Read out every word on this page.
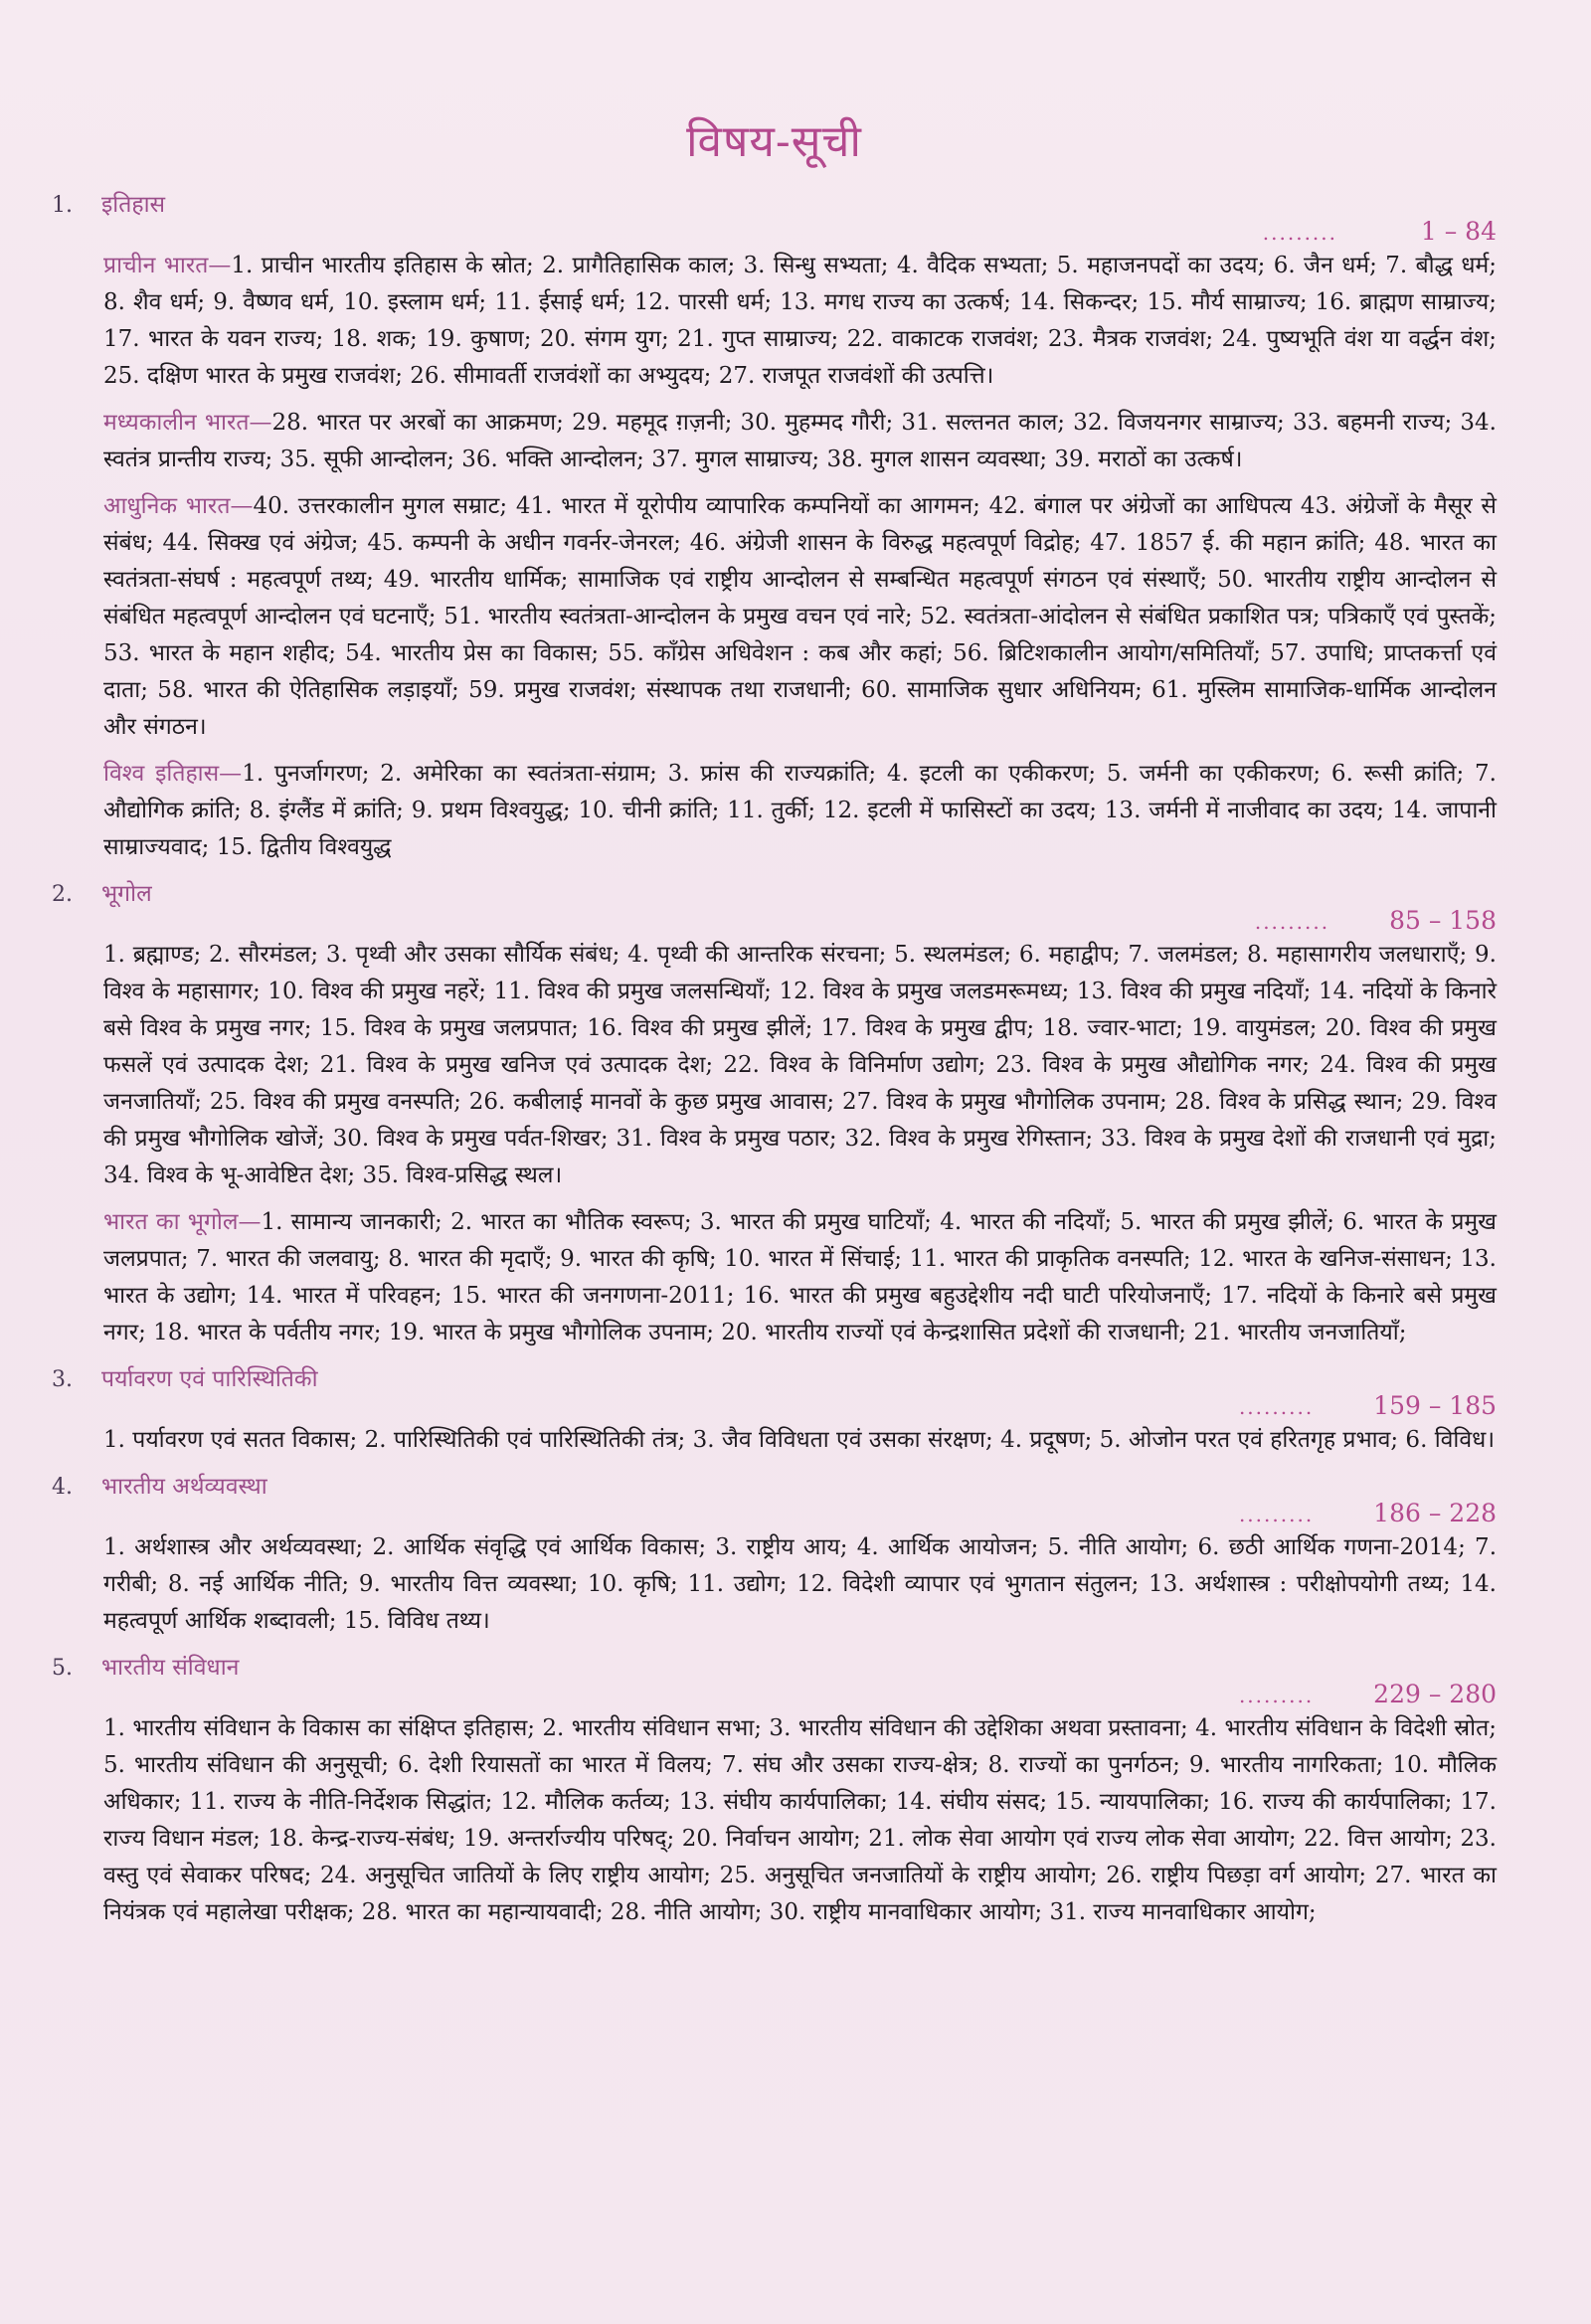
विषय-सूची
1.	इतिहास
.........	1 – 84

प्राचीन भारत—1. प्राचीन भारतीय इतिहास के स्रोत; 2. प्रागैतिहासिक काल; 3. सिन्धु सभ्यता; 4. वैदिक सभ्यता; 5. महाजनपदों का उदय; 6. जैन धर्म; 7. बौद्ध धर्म; 8. शैव धर्म; 9. वैष्णव धर्म, 10. इस्लाम धर्म; 11. ईसाई धर्म; 12. पारसी धर्म; 13. मगध राज्य का उत्कर्ष; 14. सिकन्दर; 15. मौर्य साम्राज्य; 16. ब्राह्मण साम्राज्य; 17. भारत के यवन राज्य; 18. शक; 19. कुषाण; 20. संगम युग; 21. गुप्त साम्राज्य; 22. वाकाटक राजवंश; 23. मैत्रक राजवंश; 24. पुष्यभूति वंश या वर्द्धन वंश; 25. दक्षिण भारत के प्रमुख राजवंश; 26. सीमावर्ती राजवंशों का अभ्युदय; 27. राजपूत राजवंशों की उत्पत्ति।

मध्यकालीन भारत—28. भारत पर अरबों का आक्रमण; 29. महमूद ग़ज़नी; 30. मुहम्मद गौरी; 31. सल्तनत काल; 32. विजयनगर साम्राज्य; 33. बहमनी राज्य; 34. स्वतंत्र प्रान्तीय राज्य; 35. सूफी आन्दोलन; 36. भक्ति आन्दोलन; 37. मुगल साम्राज्य; 38. मुगल शासन व्यवस्था; 39. मराठों का उत्कर्ष।

आधुनिक भारत—40. उत्तरकालीन मुगल सम्राट; 41. भारत में यूरोपीय व्यापारिक कम्पनियों का आगमन; 42. बंगाल पर अंग्रेजों का आधिपत्य 43. अंग्रेजों के मैसूर से संबंध; 44. सिक्ख एवं अंग्रेज; 45. कम्पनी के अधीन गवर्नर-जेनरल; 46. अंग्रेजी शासन के विरुद्ध महत्वपूर्ण विद्रोह; 47. 1857 ई. की महान क्रांति; 48. भारत का स्वतंत्रता-संघर्ष : महत्वपूर्ण तथ्य; 49. भारतीय धार्मिक; सामाजिक एवं राष्ट्रीय आन्दोलन से सम्बन्धित महत्वपूर्ण संगठन एवं संस्थाएँ; 50. भारतीय राष्ट्रीय आन्दोलन से संबंधित महत्वपूर्ण आन्दोलन एवं घटनाएँ; 51. भारतीय स्वतंत्रता-आन्दोलन के प्रमुख वचन एवं नारे; 52. स्वतंत्रता-आंदोलन से संबंधित प्रकाशित पत्र; पत्रिकाएँ एवं पुस्तकें; 53. भारत के महान शहीद; 54. भारतीय प्रेस का विकास; 55. काँग्रेस अधिवेशन : कब और कहां; 56. ब्रिटिशकालीन आयोग/समितियाँ; 57. उपाधि; प्राप्तकर्त्ता एवं दाता; 58. भारत की ऐतिहासिक लड़ाइयाँ; 59. प्रमुख राजवंश; संस्थापक तथा राजधानी; 60. सामाजिक सुधार अधिनियम; 61. मुस्लिम सामाजिक-धार्मिक आन्दोलन और संगठन।

विश्व इतिहास—1. पुनर्जागरण; 2. अमेरिका का स्वतंत्रता-संग्राम; 3. फ्रांस की राज्यक्रांति; 4. इटली का एकीकरण; 5. जर्मनी का एकीकरण; 6. रूसी क्रांति; 7. औद्योगिक क्रांति; 8. इंग्लैंड में क्रांति; 9. प्रथम विश्वयुद्ध; 10. चीनी क्रांति; 11. तुर्की; 12. इटली में फासिस्टों का उदय; 13. जर्मनी में नाजीवाद का उदय; 14. जापानी साम्राज्यवाद; 15. द्वितीय विश्वयुद्ध

2.	भूगोल
......... 85 – 158

1. ब्रह्माण्ड; 2. सौरमंडल; 3. पृथ्वी और उसका सौर्यिक संबंध; 4. पृथ्वी की आन्तरिक संरचना; 5. स्थलमंडल; 6. महाद्वीप; 7. जलमंडल; 8. महासागरीय जलधाराएँ; 9. विश्व के महासागर; 10. विश्व की प्रमुख नहरें; 11. विश्व की प्रमुख जलसन्धियाँ; 12. विश्व के प्रमुख जलडमरूमध्य; 13. विश्व की प्रमुख नदियाँ; 14. नदियों के किनारे बसे विश्व के प्रमुख नगर; 15. विश्व के प्रमुख जलप्रपात; 16. विश्व की प्रमुख झीलें; 17. विश्व के प्रमुख द्वीप; 18. ज्वार-भाटा; 19. वायुमंडल; 20. विश्व की प्रमुख फसलें एवं उत्पादक देश; 21. विश्व के प्रमुख खनिज एवं उत्पादक देश; 22. विश्व के विनिर्माण उद्योग; 23. विश्व के प्रमुख औद्योगिक नगर; 24. विश्व की प्रमुख जनजातियाँ; 25. विश्व की प्रमुख वनस्पति; 26. कबीलाई मानवों के कुछ प्रमुख आवास; 27. विश्व के प्रमुख भौगोलिक उपनाम; 28. विश्व के प्रसिद्ध स्थान; 29. विश्व की प्रमुख भौगोलिक खोजें; 30. विश्व के प्रमुख पर्वत-शिखर; 31. विश्व के प्रमुख पठार; 32. विश्व के प्रमुख रेगिस्तान; 33. विश्व के प्रमुख देशों की राजधानी एवं मुद्रा; 34. विश्व के भू-आवेष्टित देश; 35. विश्व-प्रसिद्ध स्थल।

भारत का भूगोल—1. सामान्य जानकारी; 2. भारत का भौतिक स्वरूप; 3. भारत की प्रमुख घाटियाँ; 4. भारत की नदियाँ; 5. भारत की प्रमुख झीलें; 6. भारत के प्रमुख जलप्रपात; 7. भारत की जलवायु; 8. भारत की मृदाएँ; 9. भारत की कृषि; 10. भारत में सिंचाई; 11. भारत की प्राकृतिक वनस्पति; 12. भारत के खनिज-संसाधन; 13. भारत के उद्योग; 14. भारत में परिवहन; 15. भारत की जनगणना-2011; 16. भारत की प्रमुख बहुउद्देशीय नदी घाटी परियोजनाएँ; 17. नदियों के किनारे बसे प्रमुख नगर; 18. भारत के पर्वतीय नगर; 19. भारत के प्रमुख भौगोलिक उपनाम; 20. भारतीय राज्यों एवं केन्द्रशासित प्रदेशों की राजधानी; 21. भारतीय जनजातियाँ;

3.	पर्यावरण एवं पारिस्थितिकी
......... 159 – 185

1. पर्यावरण एवं सतत विकास; 2. पारिस्थितिकी एवं पारिस्थितिकी तंत्र; 3. जैव विविधता एवं उसका संरक्षण; 4. प्रदूषण; 5. ओजोन परत एवं हरितगृह प्रभाव; 6. विविध।

4.	भारतीय अर्थव्यवस्था
......... 186 – 228

1. अर्थशास्त्र और अर्थव्यवस्था; 2. आर्थिक संवृद्धि एवं आर्थिक विकास; 3. राष्ट्रीय आय; 4. आर्थिक आयोजन; 5. नीति आयोग; 6. छठी आर्थिक गणना-2014; 7. गरीबी; 8. नई आर्थिक नीति; 9. भारतीय वित्त व्यवस्था; 10. कृषि; 11. उद्योग; 12. विदेशी व्यापार एवं भुगतान संतुलन; 13. अर्थशास्त्र : परीक्षोपयोगी तथ्य; 14. महत्वपूर्ण आर्थिक शब्दावली; 15. विविध तथ्य।

5.	भारतीय संविधान
......... 229 – 280

1. भारतीय संविधान के विकास का संक्षिप्त इतिहास; 2. भारतीय संविधान सभा; 3. भारतीय संविधान की उद्देशिका अथवा प्रस्तावना; 4. भारतीय संविधान के विदेशी स्रोत; 5. भारतीय संविधान की अनुसूची; 6. देशी रियासतों का भारत में विलय; 7. संघ और उसका राज्य-क्षेत्र; 8. राज्यों का पुनर्गठन; 9. भारतीय नागरिकता; 10. मौलिक अधिकार; 11. राज्य के नीति-निर्देशक सिद्धांत; 12. मौलिक कर्तव्य; 13. संघीय कार्यपालिका; 14. संघीय संसद; 15. न्यायपालिका; 16. राज्य की कार्यपालिका; 17. राज्य विधान मंडल; 18. केन्द्र-राज्य-संबंध; 19. अन्तर्राज्यीय परिषद्; 20. निर्वाचन आयोग; 21. लोक सेवा आयोग एवं राज्य लोक सेवा आयोग; 22. वित्त आयोग; 23. वस्तु एवं सेवाकर परिषद; 24. अनुसूचित जातियों के लिए राष्ट्रीय आयोग; 25. अनुसूचित जनजातियों के राष्ट्रीय आयोग; 26. राष्ट्रीय पिछड़ा वर्ग आयोग; 27. भारत का नियंत्रक एवं महालेखा परीक्षक; 28. भारत का महान्यायवादी; 28. नीति आयोग; 30. राष्ट्रीय मानवाधिकार आयोग; 31. राज्य मानवाधिकार आयोग;
